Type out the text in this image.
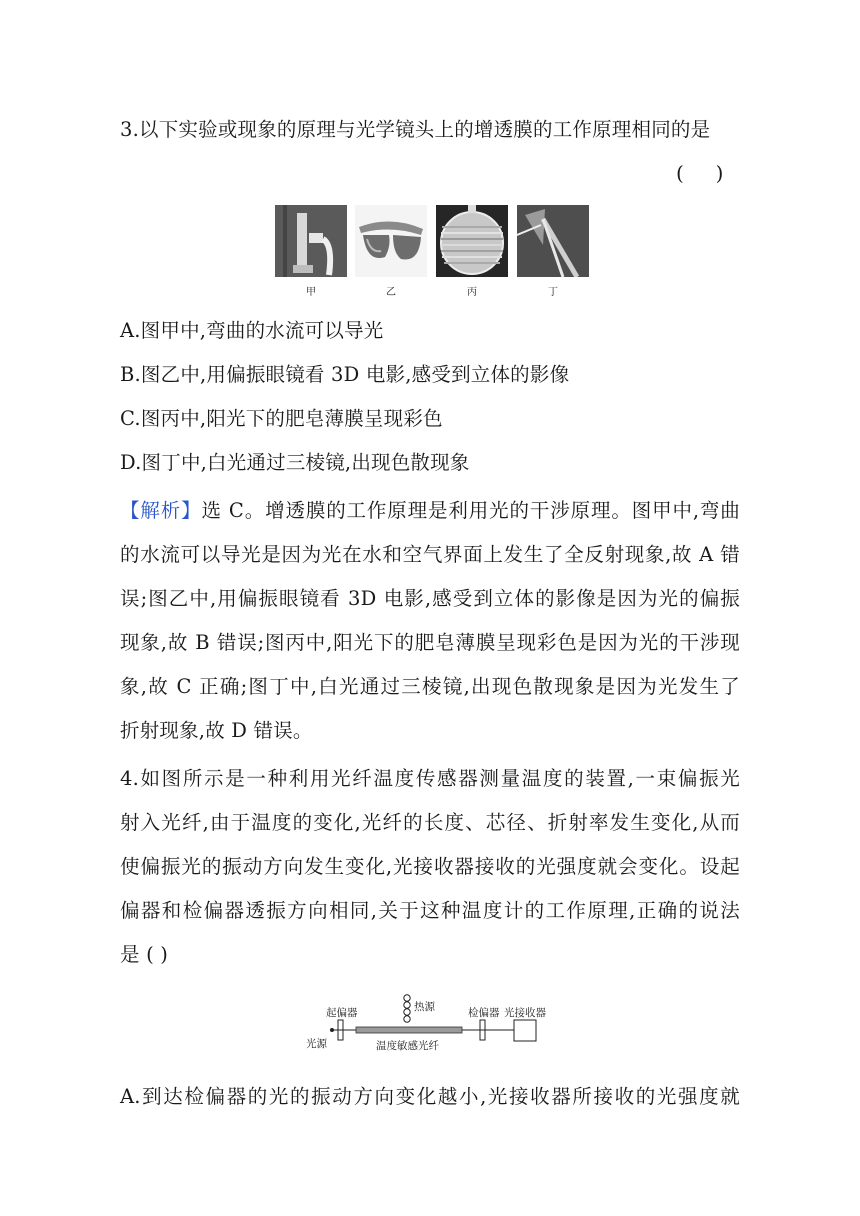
3.以下实验或现象的原理与光学镜头上的增透膜的工作原理相同的是
(     )
甲	乙	丙	丁
A.图甲中,弯曲的水流可以导光
B.图乙中,用偏振眼镜看 3D 电影,感受到立体的影像
C.图丙中,阳光下的肥皂薄膜呈现彩色
D.图丁中,白光通过三棱镜,出现色散现象
【解析】选 C。增透膜的工作原理是利用光的干涉原理。图甲中,弯曲
的水流可以导光是因为光在水和空气界面上发生了全反射现象,故 A 错
误;图乙中,用偏振眼镜看 3D 电影,感受到立体的影像是因为光的偏振
现象,故 B 错误;图丙中,阳光下的肥皂薄膜呈现彩色是因为光的干涉现
象,故 C 正确;图丁中,白光通过三棱镜,出现色散现象是因为光发生了
折射现象,故 D 错误。
4.如图所示是一种利用光纤温度传感器测量温度的装置,一束偏振光
射入光纤,由于温度的变化,光纤的长度、芯径、折射率发生变化,从而
使偏振光的振动方向发生变化,光接收器接收的光强度就会变化。设起
偏器和检偏器透振方向相同,关于这种温度计的工作原理,正确的说法
是 ( )
起偏器	热源	检偏器 光接收器
光源	温度敏感光纤
A.到达检偏器的光的振动方向变化越小,光接收器所接收的光强度就
